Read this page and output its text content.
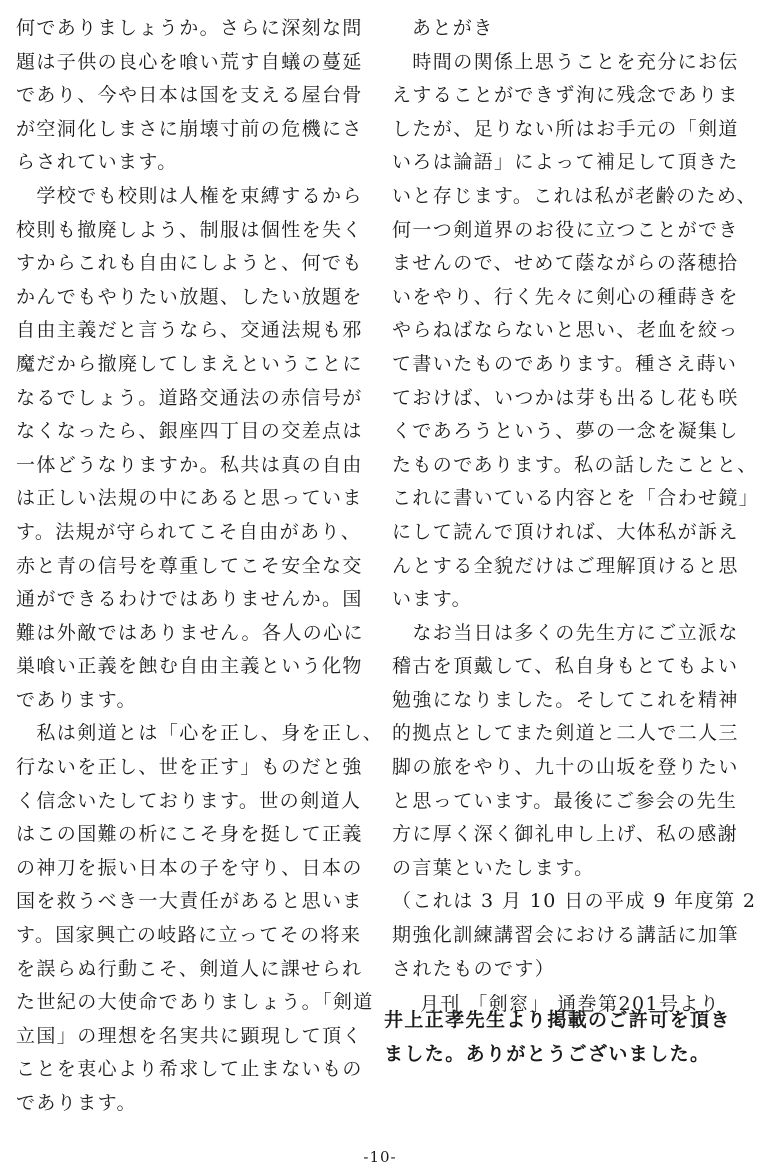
何でありましょうか。さらに深刻な問
題は子供の良心を喰い荒す自蟻の蔓延
であり、今や日本は国を支える屋台骨
が空洞化しまさに崩壊寸前の危機にさ
らされています。
　学校でも校則は人権を束縛するから
校則も撤廃しよう、制服は個性を失く
すからこれも自由にしようと、何でも
かんでもやりたい放題、したい放題を
自由主義だと言うなら、交通法規も邪
魔だから撤廃してしまえということに
なるでしょう。道路交通法の赤信号が
なくなったら、銀座四丁目の交差点は
一体どうなりますか。私共は真の自由
は正しい法規の中にあると思っていま
す。法規が守られてこそ自由があり、
赤と青の信号を尊重してこそ安全な交
通ができるわけではありませんか。国
難は外敵ではありません。各人の心に
巣喰い正義を蝕む自由主義という化物
であります。
　私は剣道とは「心を正し、身を正し、
行ないを正し、世を正す」ものだと強
く信念いたしております。世の剣道人
はこの国難の析にこそ身を挺して正義
の神刀を振い日本の子を守り、日本の
国を救うべき一大責任があると思いま
す。国家興亡の岐路に立ってその将来
を誤らぬ行動こそ、剣道人に課せられ
た世紀の大使命でありましょう。「剣道
立国」の理想を名実共に顕現して頂く
ことを衷心より希求して止まないもの
であります。
あとがき
　時間の関係上思うことを充分にお伝
えすることができず洵に残念でありま
したが、足りない所はお手元の「剣道
いろは論語」によって補足して頂きた
いと存じます。これは私が老齢のため、
何一つ剣道界のお役に立つことができ
ませんので、せめて蔭ながらの落穂拾
いをやり、行く先々に剣心の種蒔きを
やらねばならないと思い、老血を絞っ
て書いたものであります。種さえ蒔い
ておけば、いつかは芽も出るし花も咲
くであろうという、夢の一念を凝集し
たものであります。私の話したことと、
これに書いている内容とを「合わせ鏡」
にして読んで頂ければ、大体私が訴え
んとする全貌だけはご理解頂けると思
います。
　なお当日は多くの先生方にご立派な
稽古を頂戴して、私自身もとてもよい
勉強になりました。そしてこれを精神
的拠点としてまた剣道と二人で二人三
脚の旅をやり、九十の山坂を登りたい
と思っています。最後にご参会の先生
方に厚く深く御礼申し上げ、私の感謝
の言葉といたします。
（これは 3 月 10 日の平成 9 年度第 2
期強化訓練講習会における講話に加筆
されたものです）
月刊 「剣窓」 通巻第201号より
井上正孝先生より掲載のご許可を頂き
ました。ありがとうございました。
-10-
